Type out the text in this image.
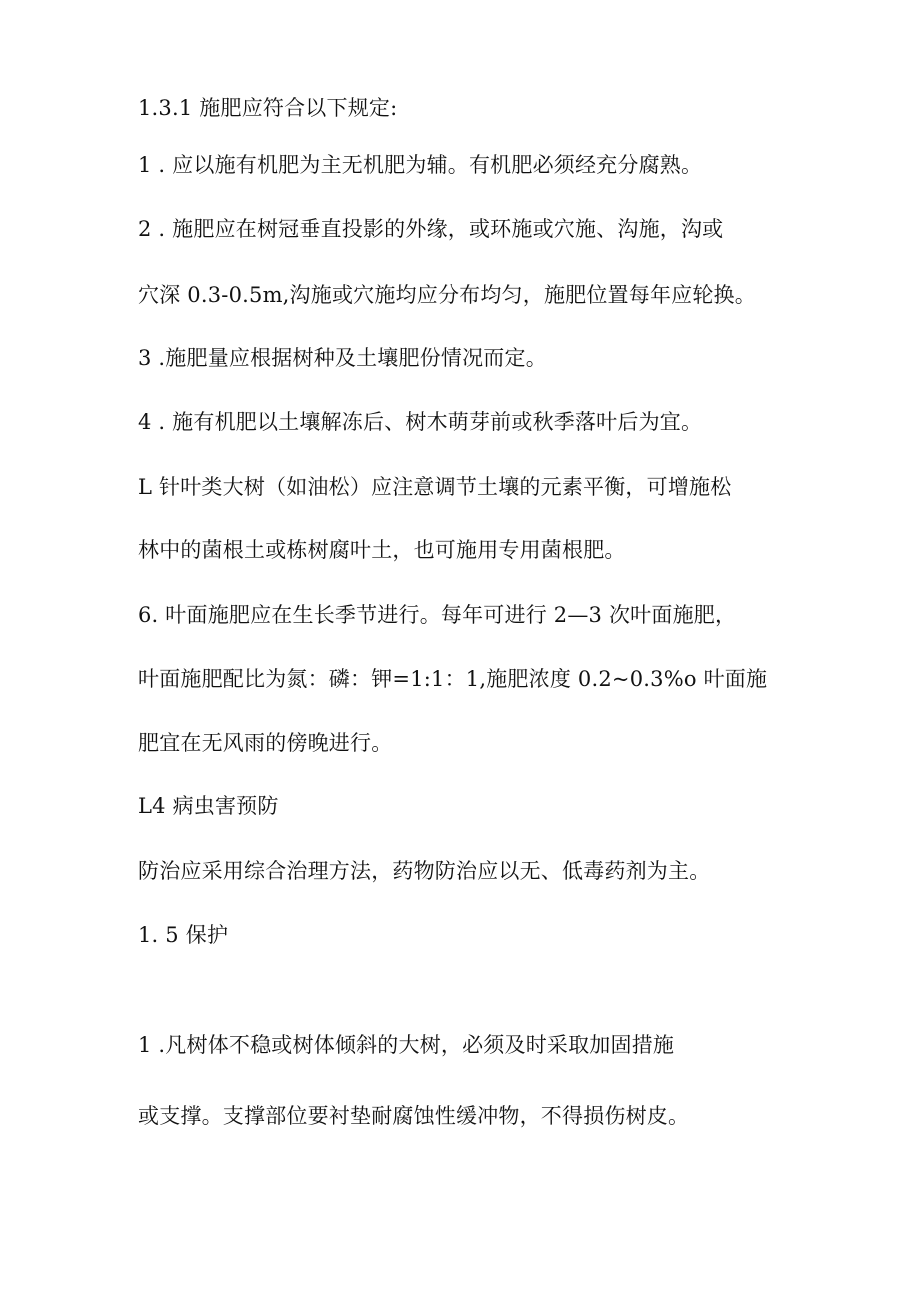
1.3.1 施肥应符合以下规定:

1 . 应以施有机肥为主无机肥为辅。有机肥必须经充分腐熟。

2 . 施肥应在树冠垂直投影的外缘，或环施或穴施、沟施，沟或

穴深 0.3-0.5m,沟施或穴施均应分布均匀，施肥位置每年应轮换。

3 .施肥量应根据树种及土壤肥份情况而定。

4 . 施有机肥以土壤解冻后、树木萌芽前或秋季落叶后为宜。

L 针叶类大树（如油松）应注意调节土壤的元素平衡，可增施松

林中的菌根土或栋树腐叶土，也可施用专用菌根肥。

6. 叶面施肥应在生长季节进行。每年可进行 2—3 次叶面施肥，

叶面施肥配比为氮：磷：钾=1:1：1,施肥浓度 0.2~0.3%o 叶面施

肥宜在无风雨的傍晚进行。

L4 病虫害预防

防治应采用综合治理方法，药物防治应以无、低毒药剂为主。

1. 5 保护

1 .凡树体不稳或树体倾斜的大树，必须及时采取加固措施

或支撑。支撑部位要衬垫耐腐蚀性缓冲物，不得损伤树皮。
